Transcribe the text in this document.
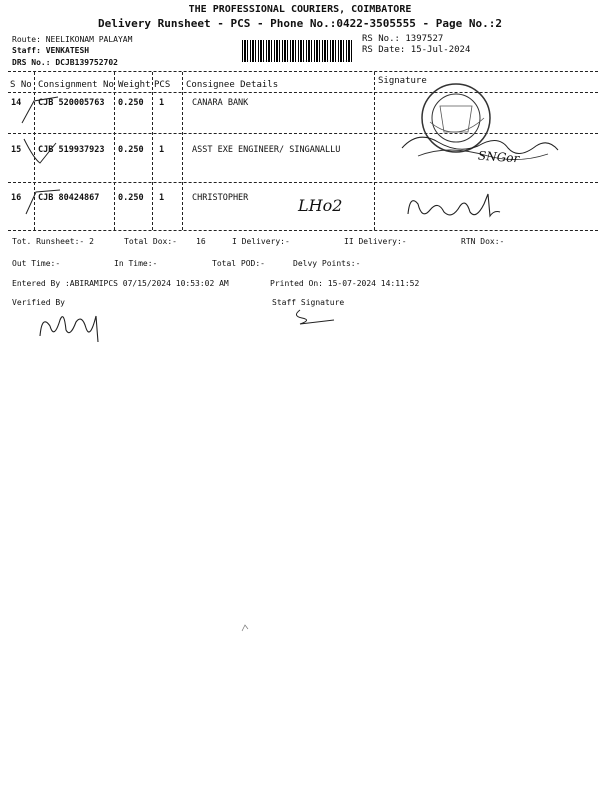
THE PROFESSIONAL COURIERS, COIMBATORE
Delivery Runsheet - PCS - Phone No.:0422-3505555 - Page No.:2
Route: NEELIKONAM PALAYAM
Staff: VENKATESH
DRS No.: DCJB139752702
RS No.: 1397527
RS Date: 15-Jul-2024
S No Consignment No Weight PCS Consignee Details	Signature
14 CJB 520005763 0.250 1	CANARA BANK
15 CJB 519937923 0.250 1	ASST EXE ENGINEER/ SINGANALLU
16 CJB 80424867 0.250 1	CHRISTOPHER
SNGor
LHo2
Tot. Runsheet:- 2	Total Dox:- 16	I Delivery:-	II Delivery:-	RTN Dox:-
Out Time:-	In Time:-	Total POD:-	Delvy Points:-
Entered By :ABIRAMIPCS 07/15/2024 10:53:02 AM	Printed On: 15-07-2024 14:11:52
Verified By	Staff Signature
